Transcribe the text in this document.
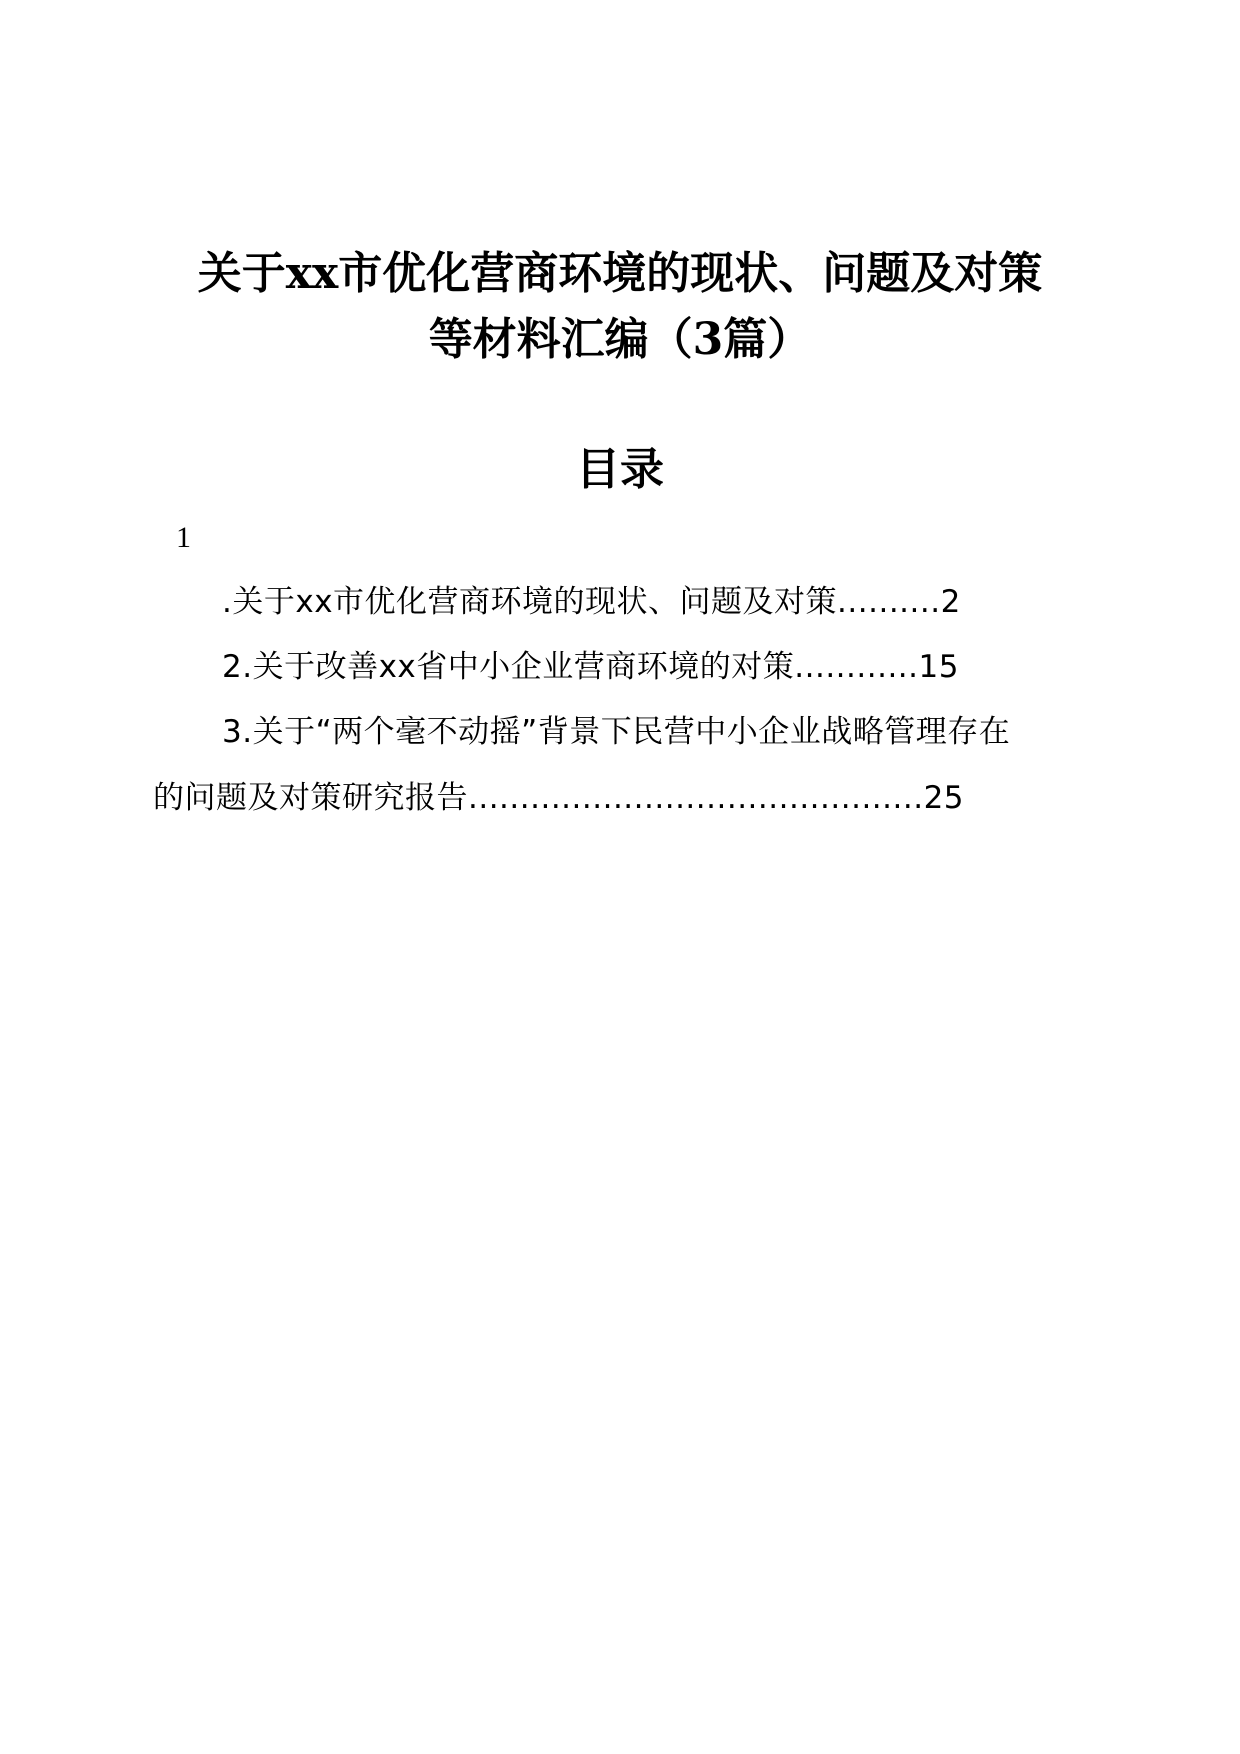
关于xx市优化营商环境的现状、问题及对策
等材料汇编（3篇）
目录
1
.关于xx市优化营商环境的现状、问题及对策..........2
2.关于改善xx省中小企业营商环境的对策............15
3.关于“两个毫不动摇”背景下民营中小企业战略管理存在
的问题及对策研究报告............................................25
